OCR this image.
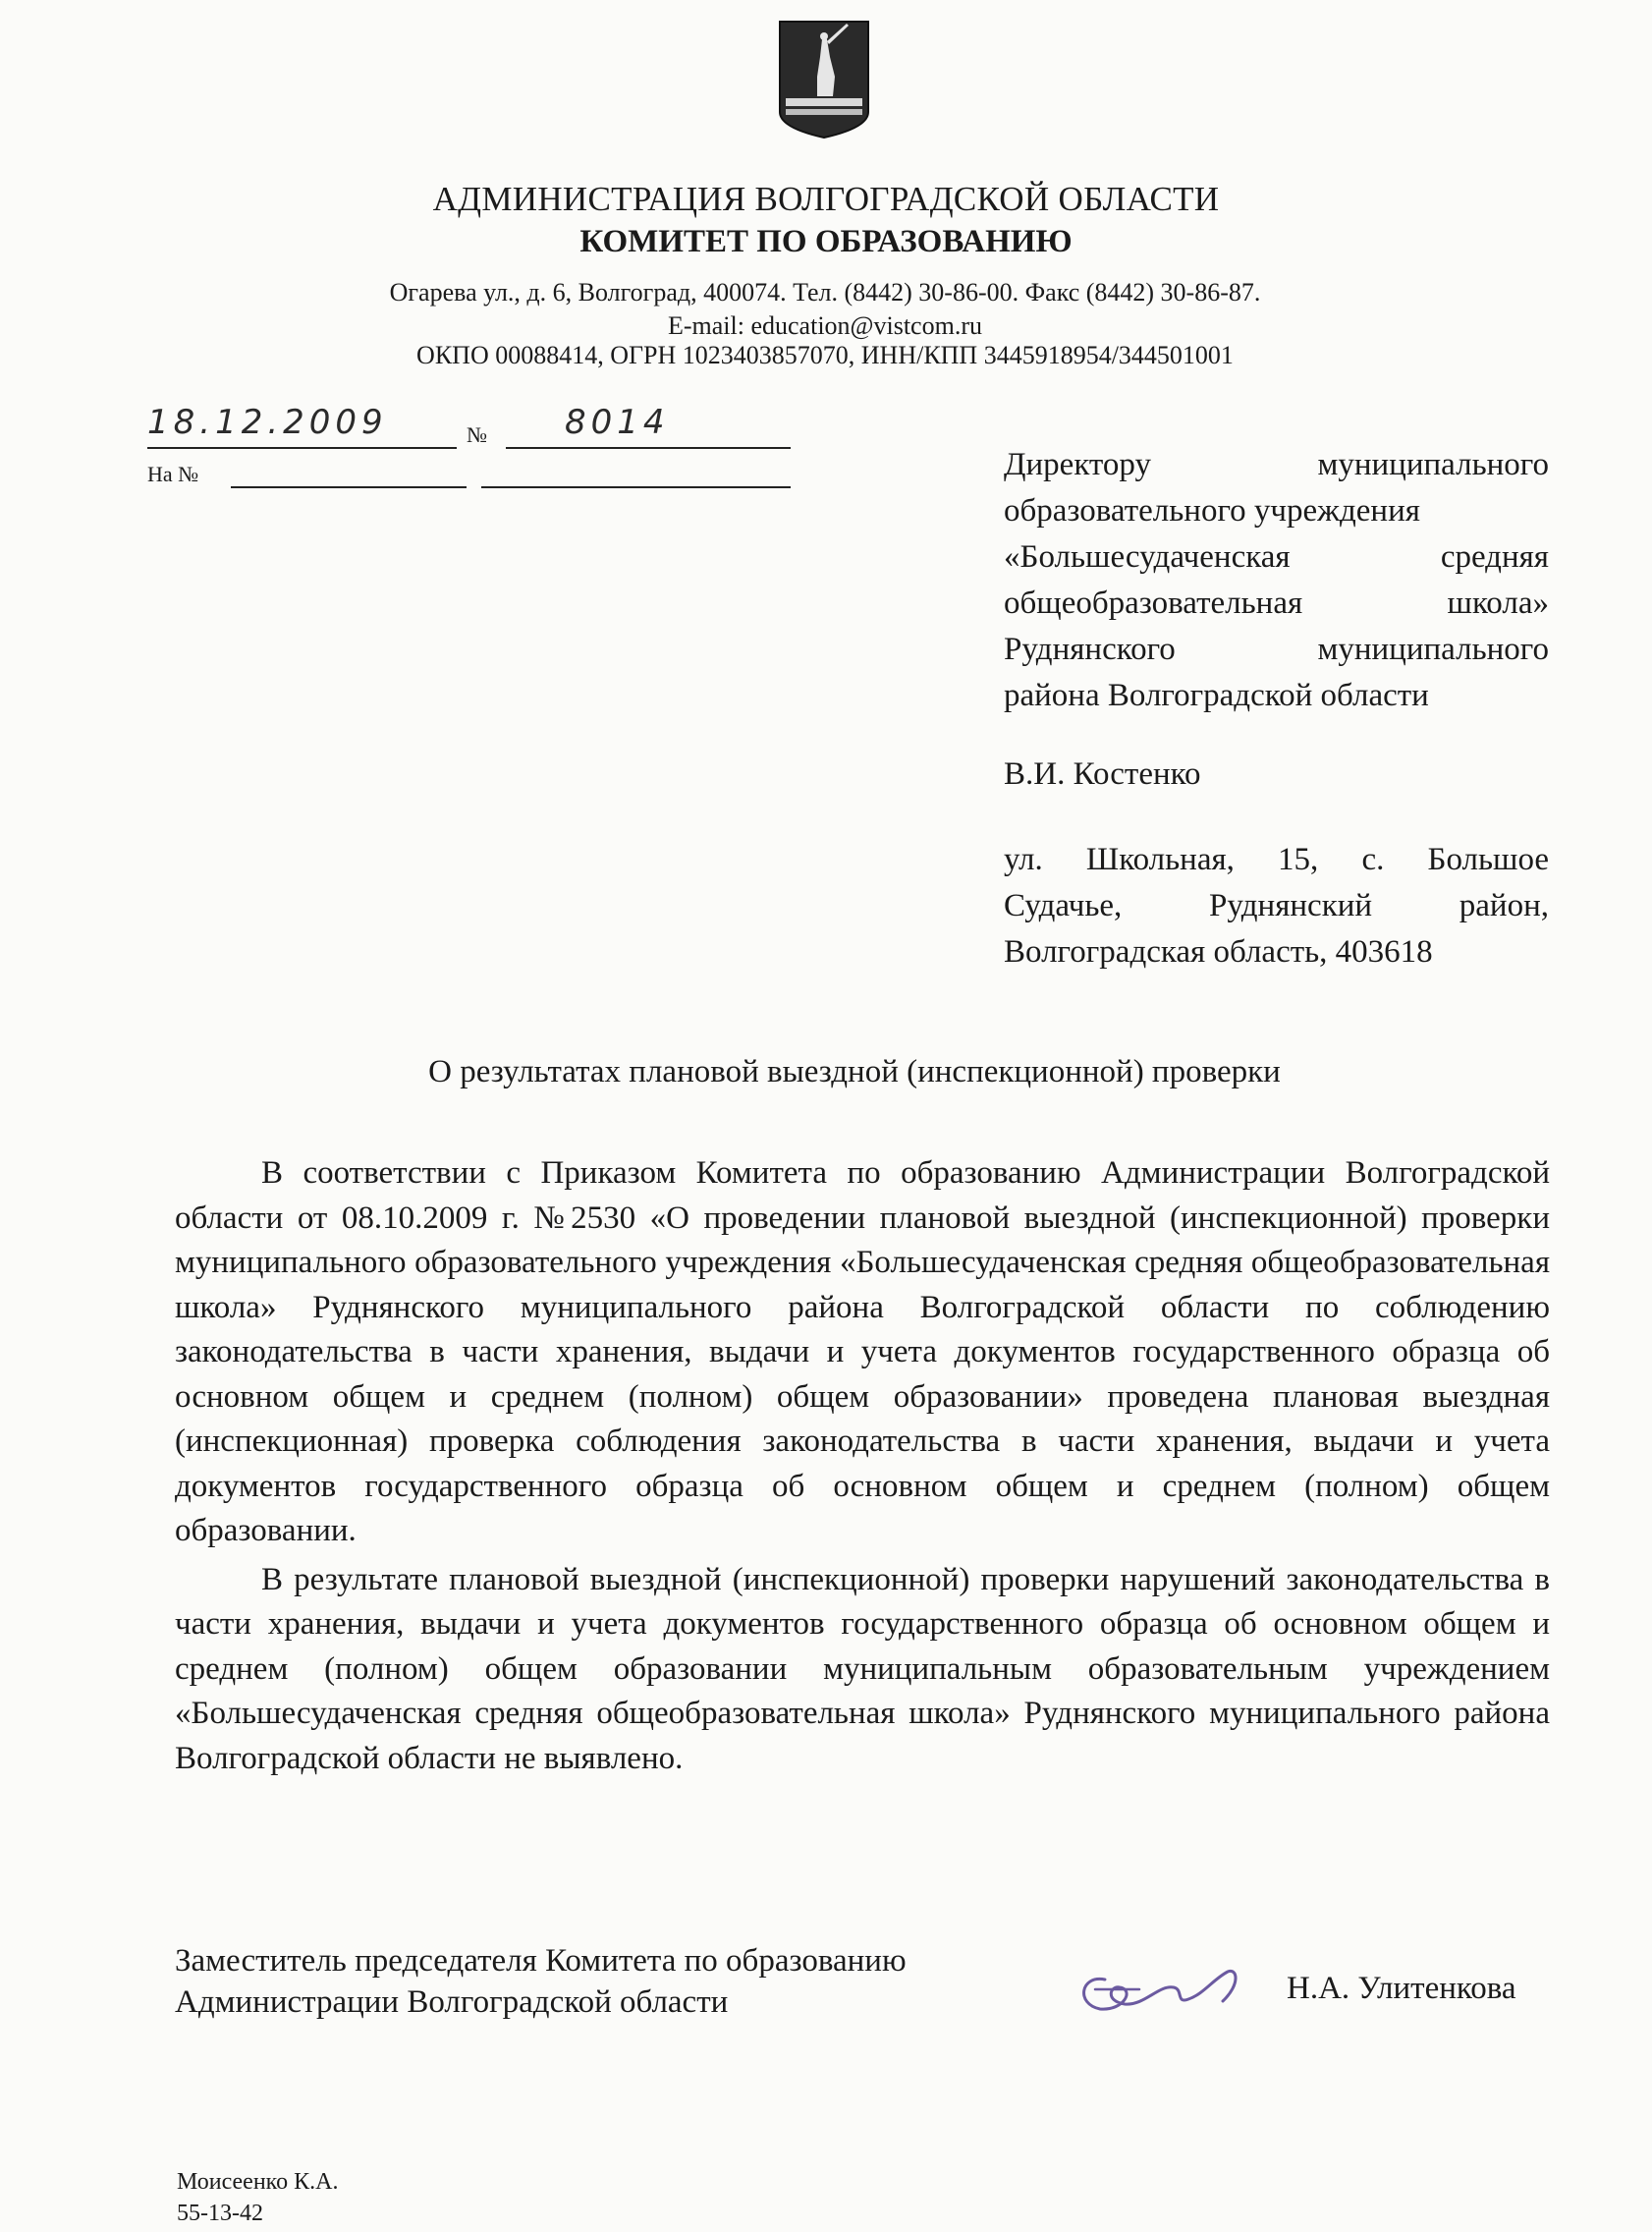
АДМИНИСТРАЦИЯ ВОЛГОГРАДСКОЙ ОБЛАСТИ
КОМИТЕТ ПО ОБРАЗОВАНИЮ
Огарева ул., д. 6, Волгоград, 400074. Тел. (8442) 30-86-00. Факс (8442) 30-86-87.
E-mail: education@vistcom.ru
ОКПО 00088414, ОГРН 1023403857070, ИНН/КПП 3445918954/344501001
18.12.2009	№ 8014
На №	Директору муниципального
образовательного учреждения
«Большесудаченская средняя
общеобразовательная школа»
Руднянского муниципального
района Волгоградской области
В.И. Костенко
ул. Школьная, 15, с. Большое
Судачье, Руднянский район,
Волгоградская область, 403618
О результатах плановой выездной (инспекционной) проверки

В соответствии с Приказом Комитета по образованию Администрации Волгоградской области от 08.10.2009 г. №2530 «О проведении плановой выездной (инспекционной) проверки муниципального образовательного учреждения «Большесудаченская средняя общеобразовательная школа» Руднянского муниципального района Волгоградской области по соблюдению законодательства в части хранения, выдачи и учета документов государственного образца об основном общем и среднем (полном) общем образовании» проведена плановая выездная (инспекционная) проверка соблюдения законодательства в части хранения, выдачи и учета документов государственного образца об основном общем и среднем (полном) общем образовании.

В результате плановой выездной (инспекционной) проверки нарушений законодательства в части хранения, выдачи и учета документов государственного образца об основном общем и среднем (полном) общем образовании муниципальным образовательным учреждением «Большесудаченская средняя общеобразовательная школа» Руднянского муниципального района Волгоградской области не выявлено.

Заместитель председателя Комитета по образованию
Администрации Волгоградской области	Н.А. Улитенкова
Моисеенко К.А.
55-13-42
